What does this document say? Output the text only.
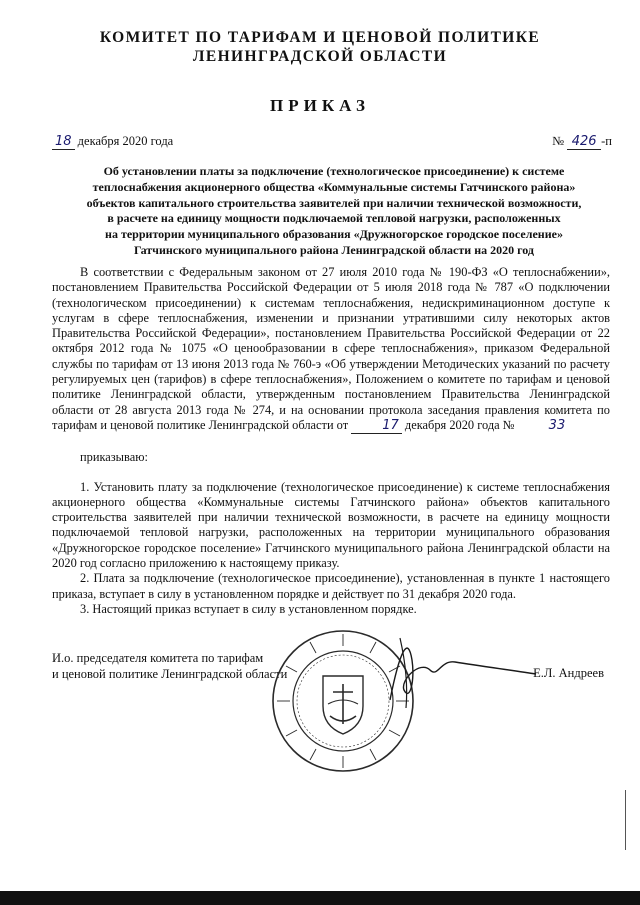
КОМИТЕТ ПО ТАРИФАМ И ЦЕНОВОЙ ПОЛИТИКЕ
ЛЕНИНГРАДСКОЙ ОБЛАСТИ
ПРИКАЗ
18 декабря 2020 года	№ 426 -п
Об установлении платы за подключение (технологическое присоединение) к системе
теплоснабжения акционерного общества «Коммунальные системы Гатчинского района»
объектов капитального строительства заявителей при наличии технической возможности,
в расчете на единицу мощности подключаемой тепловой нагрузки, расположенных
на территории муниципального образования «Дружногорское городское поселение»
Гатчинского муниципального района Ленинградской области на 2020 год

В соответствии с Федеральным законом от 27 июля 2010 года № 190-ФЗ «О теплоснабжении», постановлением Правительства Российской Федерации от 5 июля 2018 года № 787 «О подключении (технологическом присоединении) к системам теплоснабжения, недискриминационном доступе к услугам в сфере теплоснабжения, изменении и признании утратившими силу некоторых актов Правительства Российской Федерации», постановлением Правительства Российской Федерации от 22 октября 2012 года № 1075 «О ценообразовании в сфере теплоснабжения», приказом Федеральной службы по тарифам от 13 июня 2013 года № 760-э «Об утверждении Методических указаний по расчету регулируемых цен (тарифов) в сфере теплоснабжения», Положением о комитете по тарифам и ценовой политике Ленинградской области, утвержденным постановлением Правительства Ленинградской области от 28 августа 2013 года № 274, и на основании протокола заседания правления комитета по тарифам и ценовой политике Ленинградской области от	17 декабря 2020 года №	33

приказываю:

1. Установить плату за подключение (технологическое присоединение) к системе теплоснабжения акционерного общества «Коммунальные системы Гатчинского района» объектов капитального строительства заявителей при наличии технической возможности, в расчете на единицу мощности подключаемой тепловой нагрузки, расположенных на территории муниципального образования «Дружногорское городское поселение» Гатчинского муниципального района Ленинградской области на 2020 год согласно приложению к настоящему приказу.

2. Плата за подключение (технологическое присоединение), установленная в пункте 1 настоящего приказа, вступает в силу в установленном порядке и действует по 31 декабря 2020 года.

3. Настоящий приказ вступает в силу в установленном порядке.

И.о. председателя комитета по тарифам
и ценовой политике Ленинградской области	Е.Л. Андреев
